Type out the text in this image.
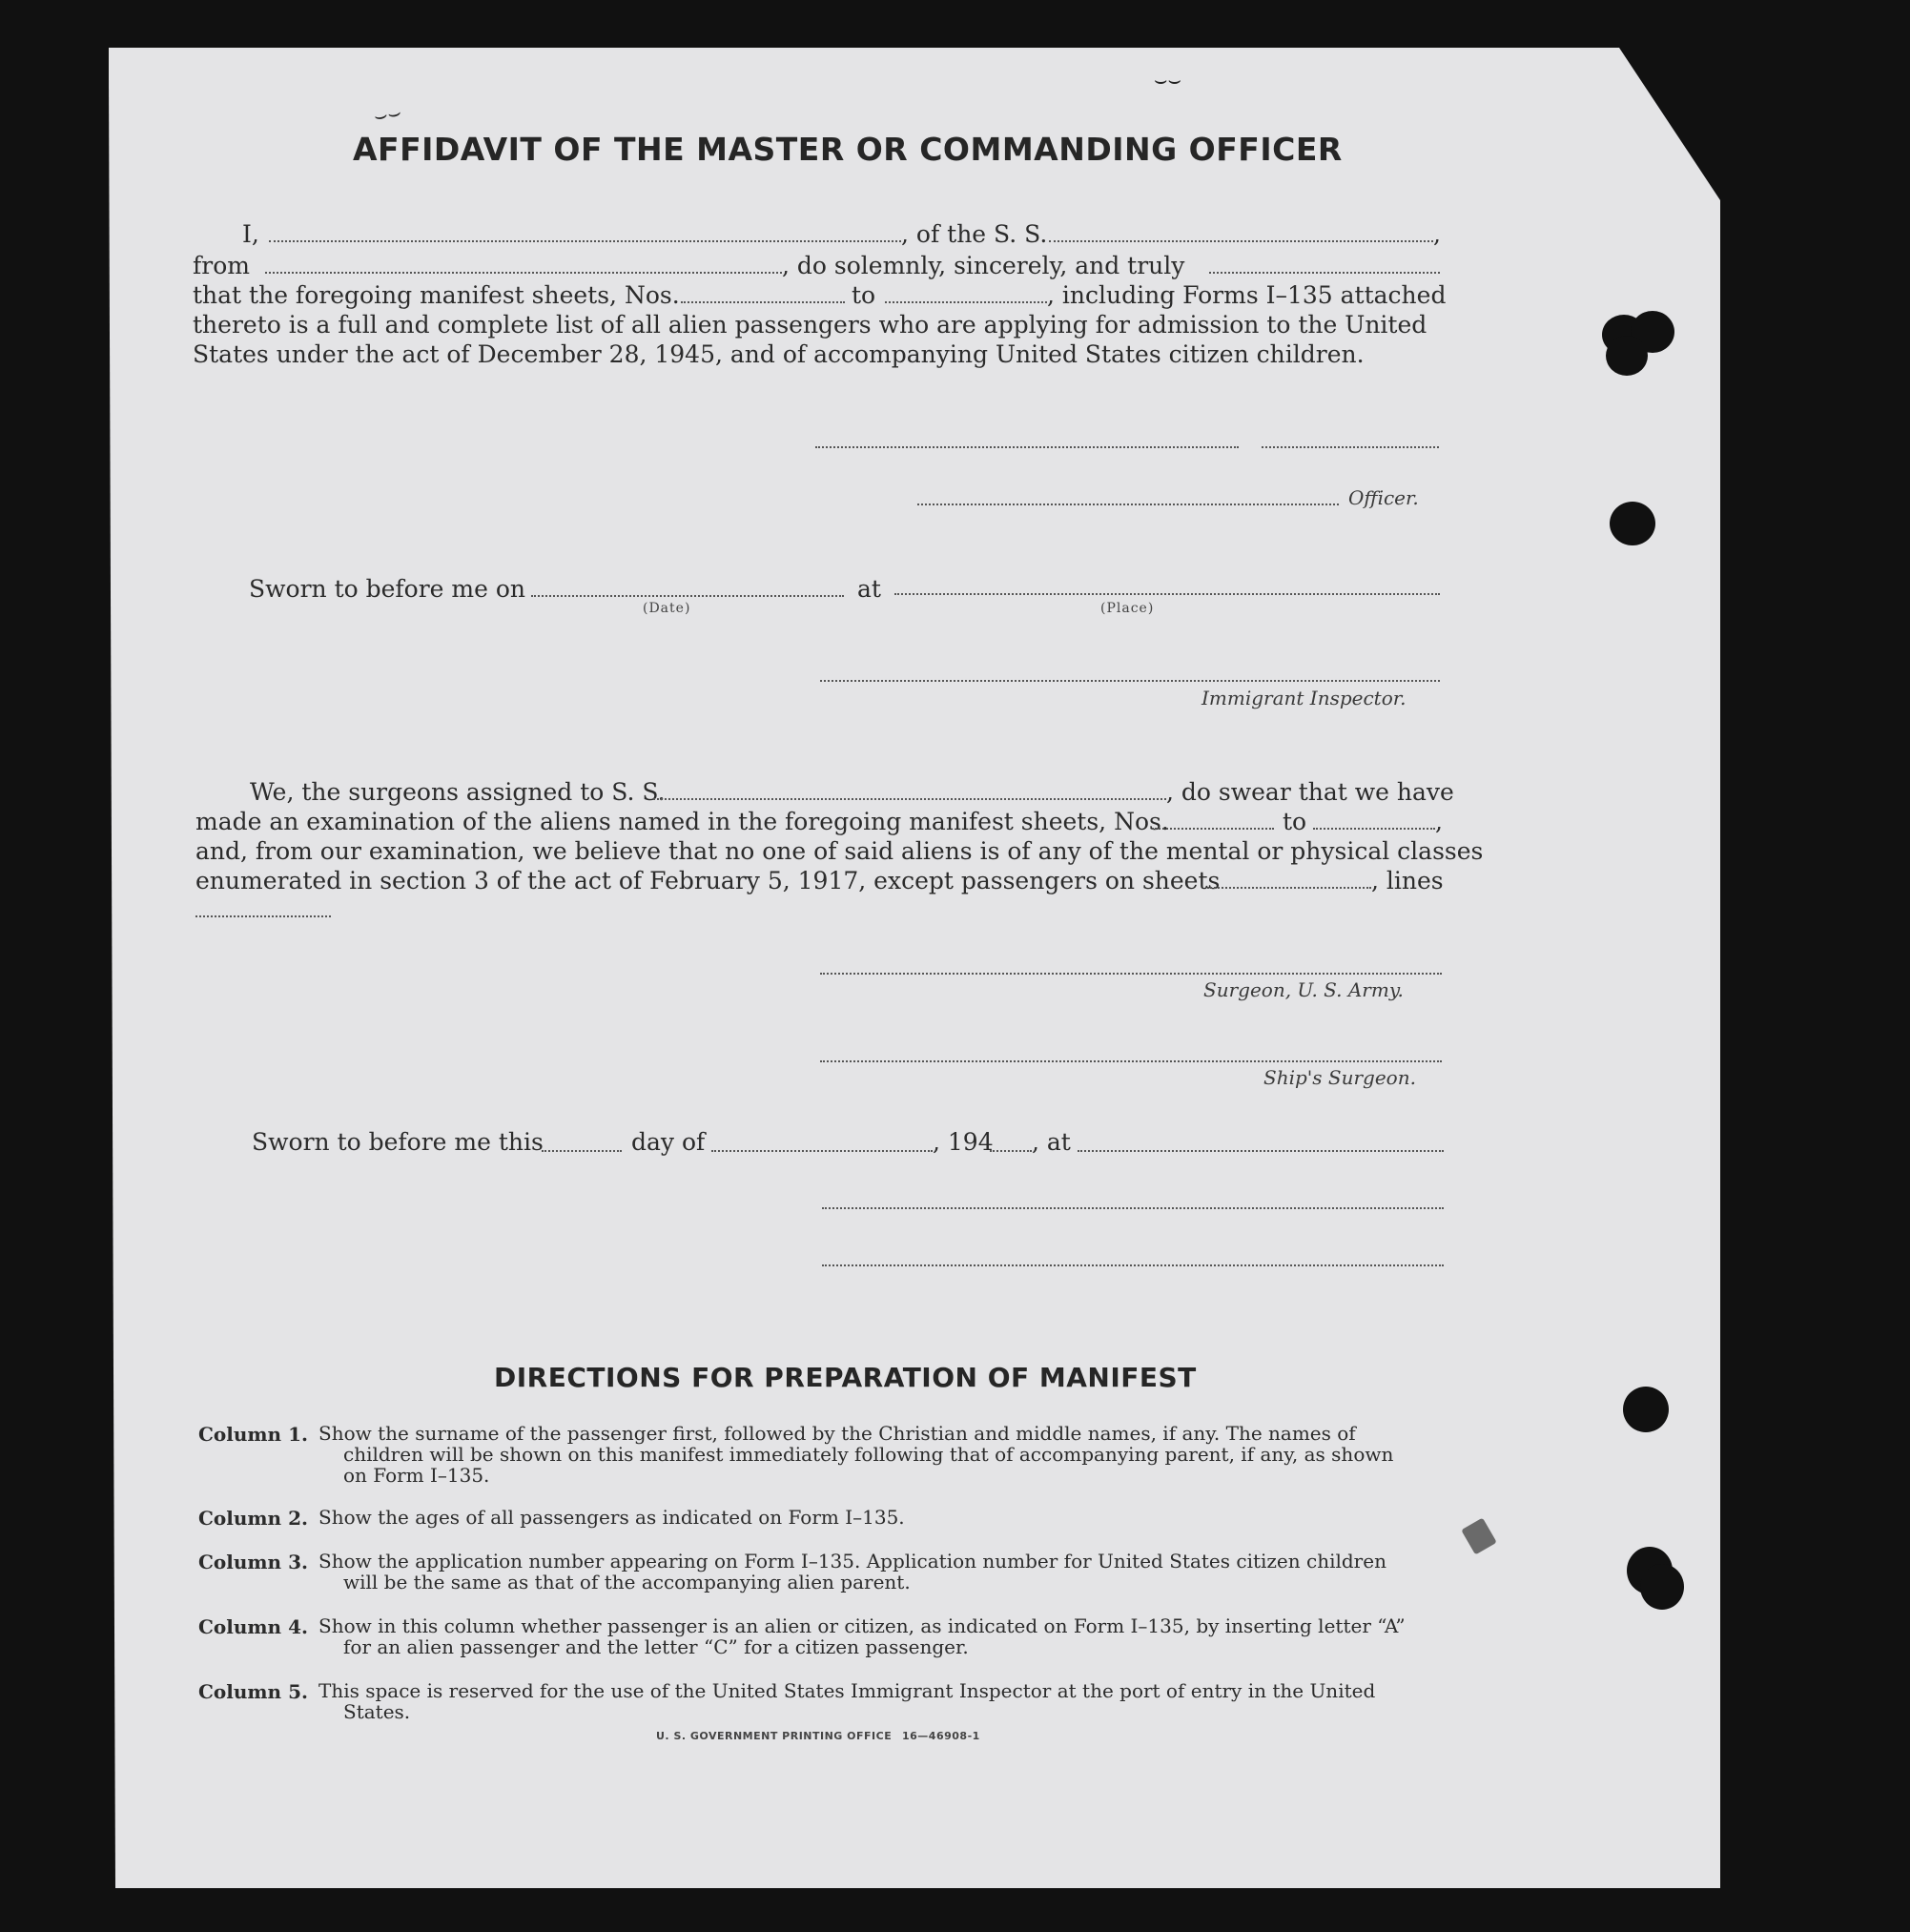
⌣⌣
⌣⌣
AFFIDAVIT OF THE MASTER OR COMMANDING OFFICER
I,	, of the S. S.	,
from	, do solemnly, sincerely, and truly
that the foregoing manifest sheets, Nos.	to	, including Forms I–135 attached
thereto is a full and complete list of all alien passengers who are applying for admission to the United
States under the act of December 28, 1945, and of accompanying United States citizen children.
Officer.
Sworn to before me on	at
(Date)	(Place)
Immigrant Inspector.
We, the surgeons assigned to S. S.	, do swear that we have
made an examination of the aliens named in the foregoing manifest sheets, Nos.	to	,
and, from our examination, we believe that no one of said aliens is of any of the mental or physical classes
enumerated in section 3 of the act of February 5, 1917, except passengers on sheets	, lines
Surgeon, U. S. Army.
Ship's Surgeon.
Sworn to before me this	day of	, 194 , at
DIRECTIONS FOR PREPARATION OF MANIFEST
Column 1. Show the surname of the passenger first, followed by the Christian and middle names, if any. The names of
children will be shown on this manifest immediately following that of accompanying parent, if any, as shown
on Form I–135.
Column 2. Show the ages of all passengers as indicated on Form I–135.
Column 3. Show the application number appearing on Form I–135. Application number for United States citizen children
will be the same as that of the accompanying alien parent.
Column 4. Show in this column whether passenger is an alien or citizen, as indicated on Form I–135, by inserting letter “A”
for an alien passenger and the letter “C” for a citizen passenger.
Column 5. This space is reserved for the use of the United States Immigrant Inspector at the port of entry in the United
States.
U. S. GOVERNMENT PRINTING OFFICE 16—46908-1
